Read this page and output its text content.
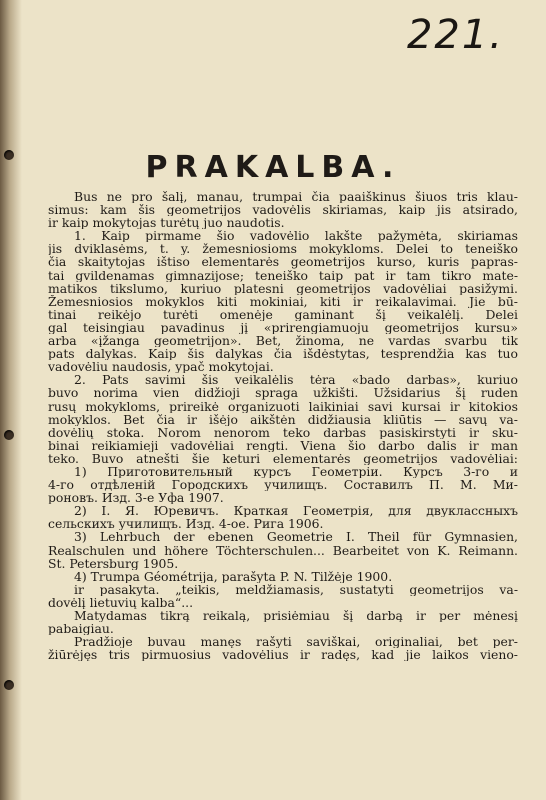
221.
PRAKALBA.
Bus ne pro šalį, manau, trumpai čia paaiškinus šiuos tris klau-
simus: kam šis geometrijos vadovėlis skiriamas, kaip jis atsirado,
ir kaip mokytojas turėtų juo naudotis.
1. Kaip pirmame šio vadovėlio lakšte pažymėta, skiriamas
jis dviklasėms, t. y. žemesniosioms mokykloms. Delei to teneiško
čia skaitytojas ištiso elementarės geometrijos kurso, kuris papras-
tai gvildenamas gimnazijose; teneiško taip pat ir tam tikro mate-
matikos tikslumo, kuriuo platesni geometrijos vadovėliai pasižymi.
Žemesniosios mokyklos kiti mokiniai, kiti ir reikalavimai. Jie bū-
tinai reikėjo turėti omenėje gaminant šį veikalėlį. Delei
gal teisingiau pavadinus jį «prirengiamuoju geometrijos kursu»
arba «įžanga geometrijon». Bet, žinoma, ne vardas svarbu tik
pats dalykas. Kaip šis dalykas čia išdėstytas, tesprendžia kas tuo
vadovėliu naudosis, ypač mokytojai.
2. Pats savimi šis veikalėlis tėra «bado darbas», kuriuo
buvo norima vien didžioji spraga užkišti. Užsidarius šį ruden
rusų mokykloms, prireikė organizuoti laikiniai savi kursai ir kitokios
mokyklos. Bet čia ir išėjo aikštėn didžiausia kliūtis — savų va-
dovėlių stoka. Norom nenorom teko darbas pasiskirstyti ir sku-
binai reikiamieji vadovėliai rengti. Viena šio darbo dalis ir man
teko. Buvo atnešti šie keturi elementarės geometrijos vadovėliai:
1) Приготовительный курсъ Геометріи. Курсъ 3-го и
4-го отдѣленій Городскихъ училищъ. Составилъ П. М. Ми-
роновъ. Изд. 3-е Уфа 1907.
2) І. Я. Юревичъ. Краткая Геометрія, для двуклассныхъ
сельскихъ училищъ. Изд. 4-ое. Рига 1906.
3) Lehrbuch der ebenen Geometrie I. Theil für Gymnasien,
Realschulen und höhere Töchterschulen... Bearbeitet von K. Reimann.
St. Petersburg 1905.
4) Trumpa Géométrija, parašyta P. N. Tilžėje 1900.
ir pasakyta. „teikis, meldžiamasis, sustatyti geometrijos va-
dovėlį lietuvių kalba“...
Matydamas tikrą reikalą, prisiėmiau šį darbą ir per mėnesį
pabaigiau.
Pradžioje buvau manęs rašyti saviškai, originaliai, bet per-
žiūrėjęs tris pirmuosius vadovėlius ir radęs, kad jie laikos vieno-
